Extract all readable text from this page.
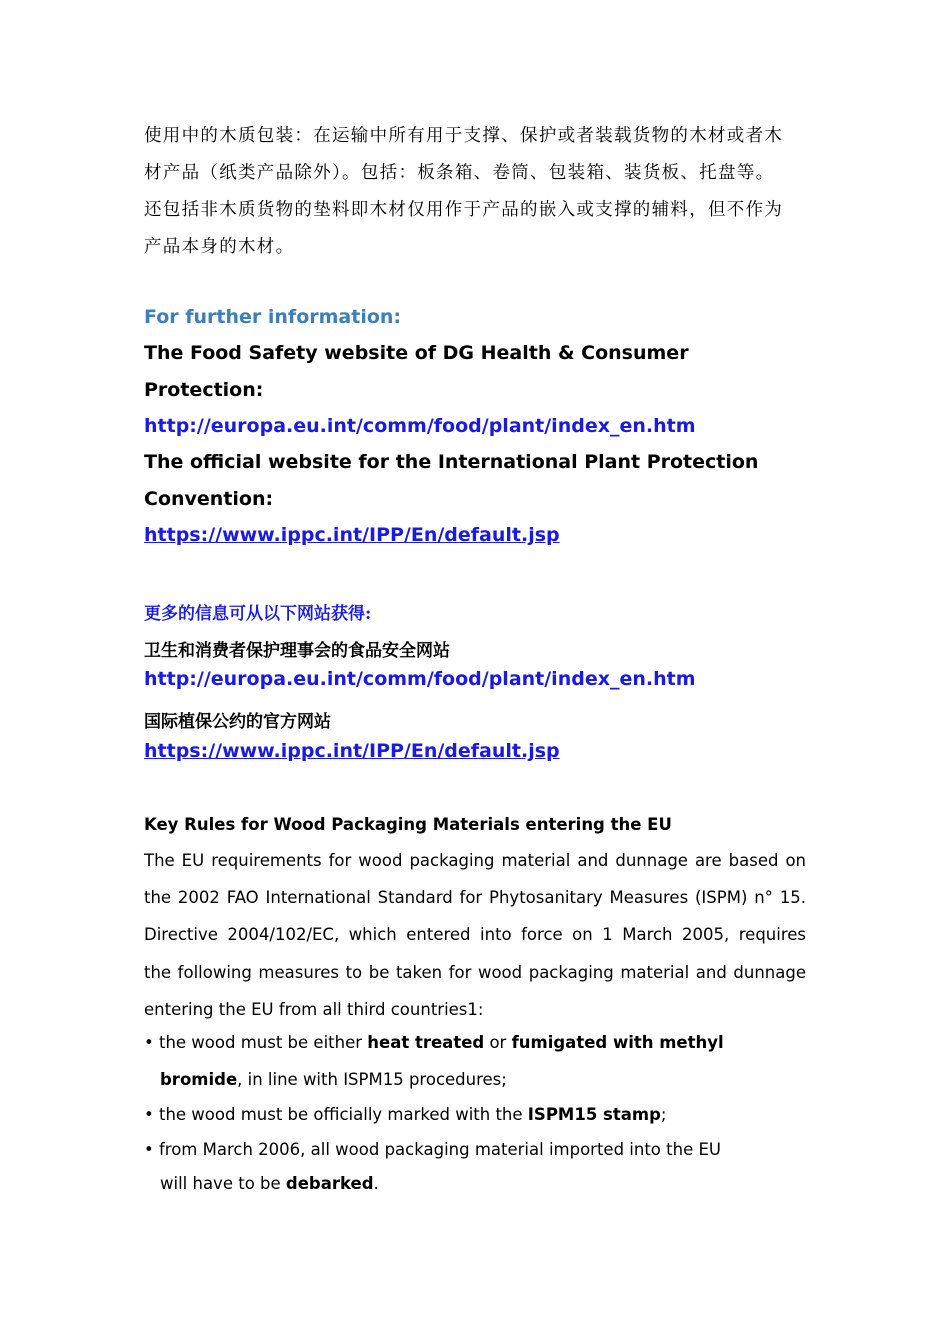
使用中的木质包装：在运输中所有用于支撑、保护或者装载货物的木材或者木
材产品（纸类产品除外）。包括：板条箱、卷筒、包装箱、装货板、托盘等。
还包括非木质货物的垫料即木材仅用作于产品的嵌入或支撑的辅料，但不作为
产品本身的木材。
For further information:
The Food Safety website of DG Health & Consumer
Protection:
http://europa.eu.int/comm/food/plant/index_en.htm
The official website for the International Plant Protection
Convention:
https://www.ippc.int/IPP/En/default.jsp
更多的信息可从以下网站获得:
卫生和消费者保护理事会的食品安全网站
http://europa.eu.int/comm/food/plant/index_en.htm
国际植保公约的官方网站
https://www.ippc.int/IPP/En/default.jsp
Key Rules for Wood Packaging Materials entering the EU
The EU requirements for wood packaging material and dunnage are based on
the 2002 FAO International Standard for Phytosanitary Measures (ISPM) n° 15.
Directive 2004/102/EC, which entered into force on 1 March 2005, requires
the following measures to be taken for wood packaging material and dunnage
entering the EU from all third countries1:
• the wood must be either heat treated or fumigated with methyl
bromide, in line with ISPM15 procedures;
• the wood must be officially marked with the ISPM15 stamp;
• from March 2006, all wood packaging material imported into the EU
will have to be debarked.
